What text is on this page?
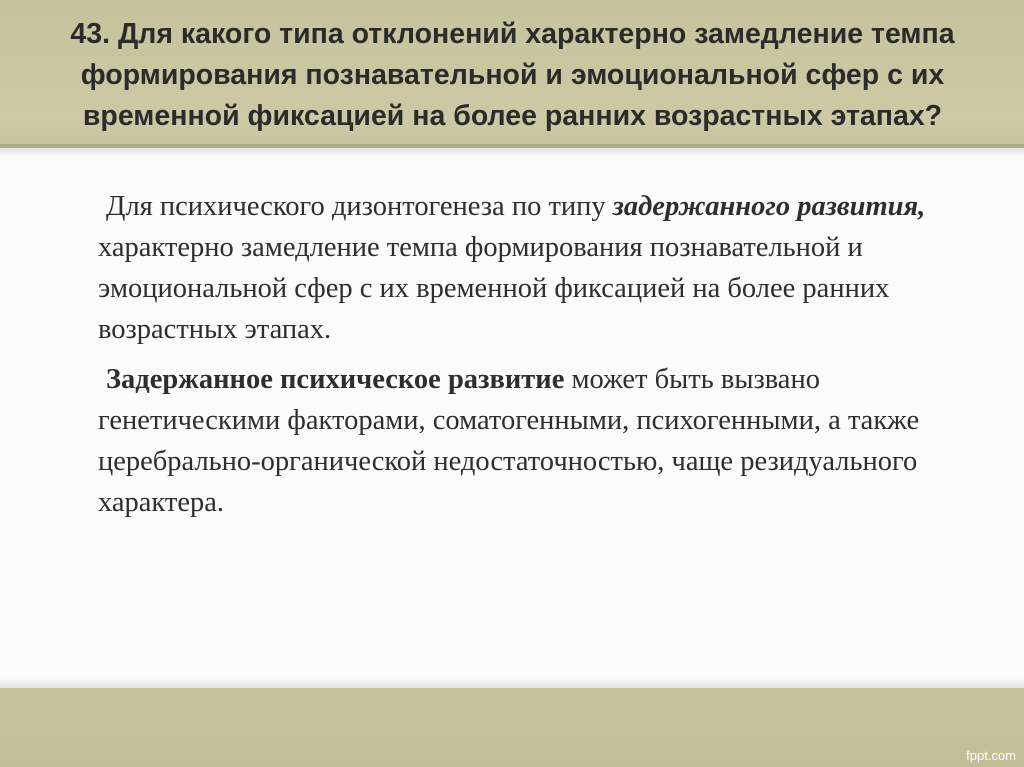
43. Для какого типа отклонений характерно замедление темпа формирования познавательной и эмоциональной сфер с их временной фиксацией на более ранних возрастных этапах?

Для психического дизонтогенеза по типу задержанного развития, характерно замедление темпа формирования познавательной и эмоциональной сфер с их временной фиксацией на более ранних возрастных этапах.

Задержанное психическое развитие может быть вызвано генетическими факторами, соматогенными, психогенными, а также церебрально-органической недостаточностью, чаще резидуального характера.

fppt.com
